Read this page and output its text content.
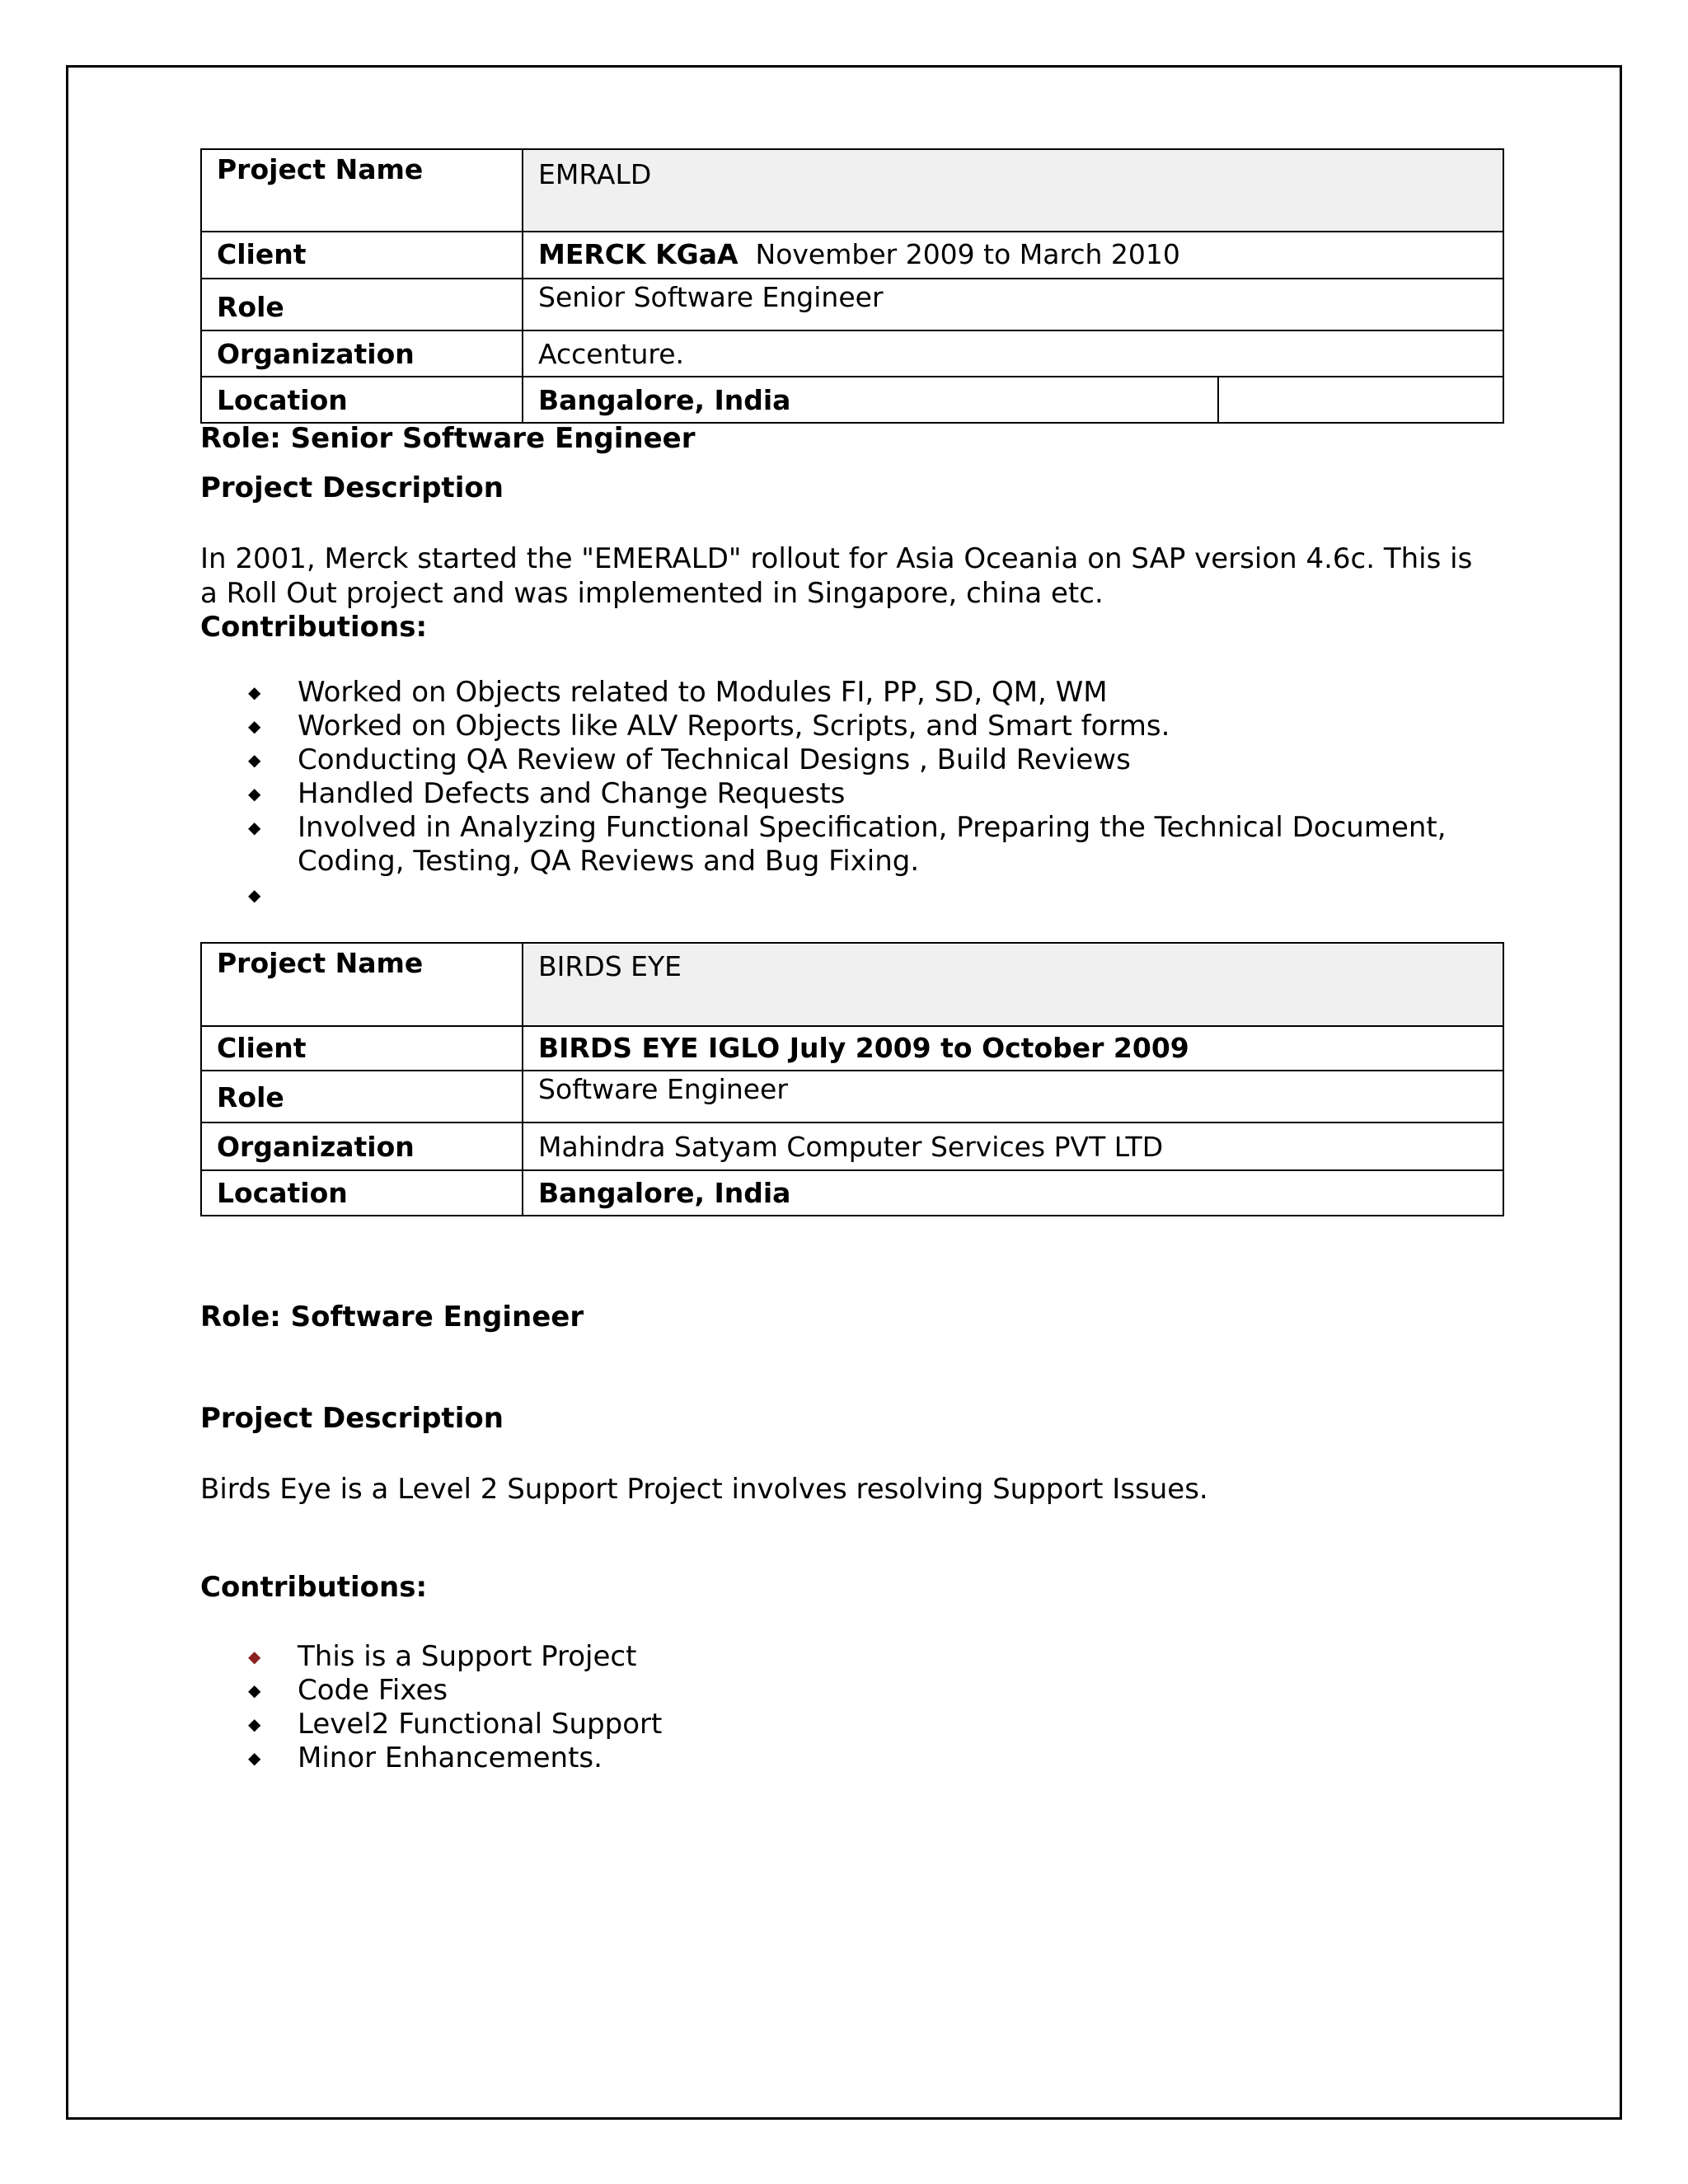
Project Name	EMRALD
Client	MERCK KGaA November 2009 to March 2010
Role	Senior Software Engineer
Organization	Accenture.
Location	Bangalore, India
Role: Senior Software Engineer
Project Description
In 2001, Merck started the "EMERALD" rollout for Asia Oceania on SAP version 4.6c. This is
a Roll Out project and was implemented in Singapore, china etc.
Contributions:
◆ Worked on Objects related to Modules FI, PP, SD, QM, WM
◆ Worked on Objects like ALV Reports, Scripts, and Smart forms.
◆ Conducting QA Review of Technical Designs , Build Reviews
◆ Handled Defects and Change Requests
◆ Involved in Analyzing Functional Specification, Preparing the Technical Document,
Coding, Testing, QA Reviews and Bug Fixing.
◆

Project Name	BIRDS EYE
Client	BIRDS EYE IGLO July 2009 to October 2009
Role	Software Engineer
Organization	Mahindra Satyam Computer Services PVT LTD
Location	Bangalore, India
Role: Software Engineer
Project Description
Birds Eye is a Level 2 Support Project involves resolving Support Issues.
Contributions:
◆ This is a Support Project
◆ Code Fixes
◆ Level2 Functional Support
◆ Minor Enhancements.
